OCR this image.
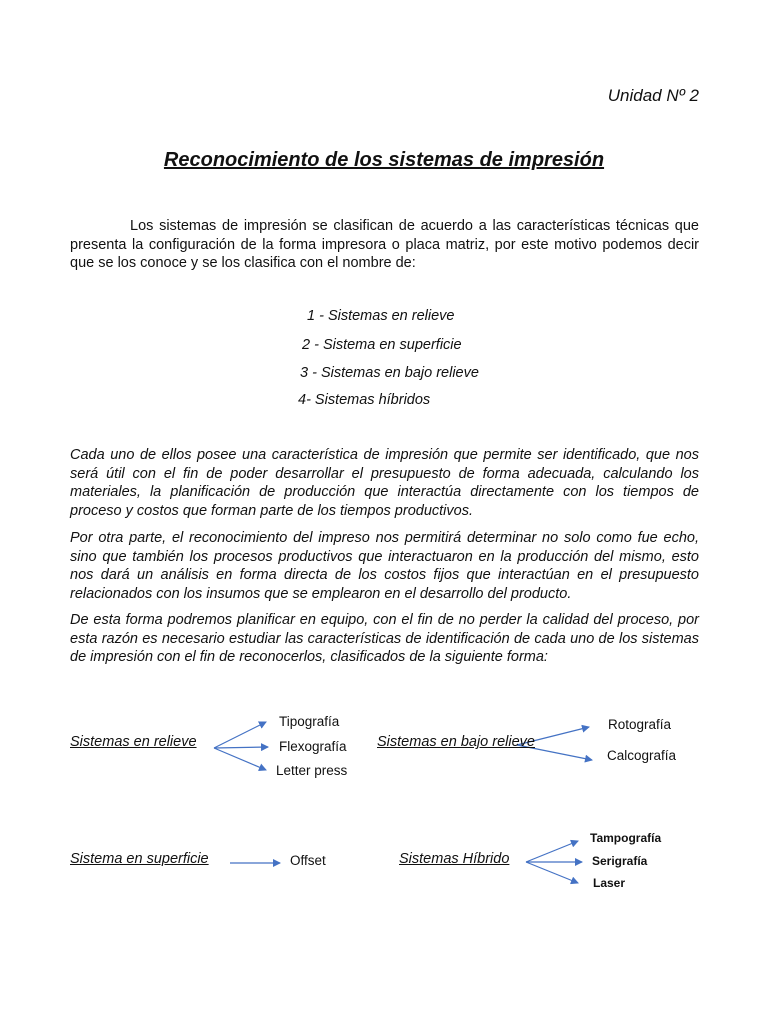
Unidad Nº 2
Reconocimiento de los sistemas de impresión
Los sistemas de impresión se clasifican de acuerdo a las características técnicas que presenta la configuración de la forma impresora o placa matriz, por este motivo podemos decir que se los conoce y se los clasifica con el nombre de:
1 - Sistemas en relieve
2 - Sistema en superficie
3 - Sistemas en bajo relieve
4- Sistemas híbridos
Cada uno de ellos posee una característica de impresión que permite ser identificado, que nos será útil con el fin de poder desarrollar el presupuesto de forma adecuada, calculando los materiales, la planificación de producción que interactúa directamente con los tiempos de proceso y costos que forman parte de los tiempos productivos.
Por otra parte, el reconocimiento del impreso nos permitirá determinar no solo como fue echo, sino que también los procesos productivos que interactuaron en la producción del mismo, esto nos dará un análisis en forma directa de los costos fijos que interactúan en el presupuesto relacionados con los insumos que se emplearon en el desarrollo del producto.
De esta forma podremos planificar en equipo, con el fin de no perder la calidad del proceso, por esta razón es necesario estudiar las características de identificación de cada uno de los sistemas de impresión con el fin de reconocerlos, clasificados de la siguiente forma:
Sistemas en relieve
Tipografía
Flexografía
Letter press
Sistemas en bajo relieve
Rotografía
Calcografía
Sistema en superficie	Offset	Sistemas Híbrido
Tampografía
Serigrafía
Laser
